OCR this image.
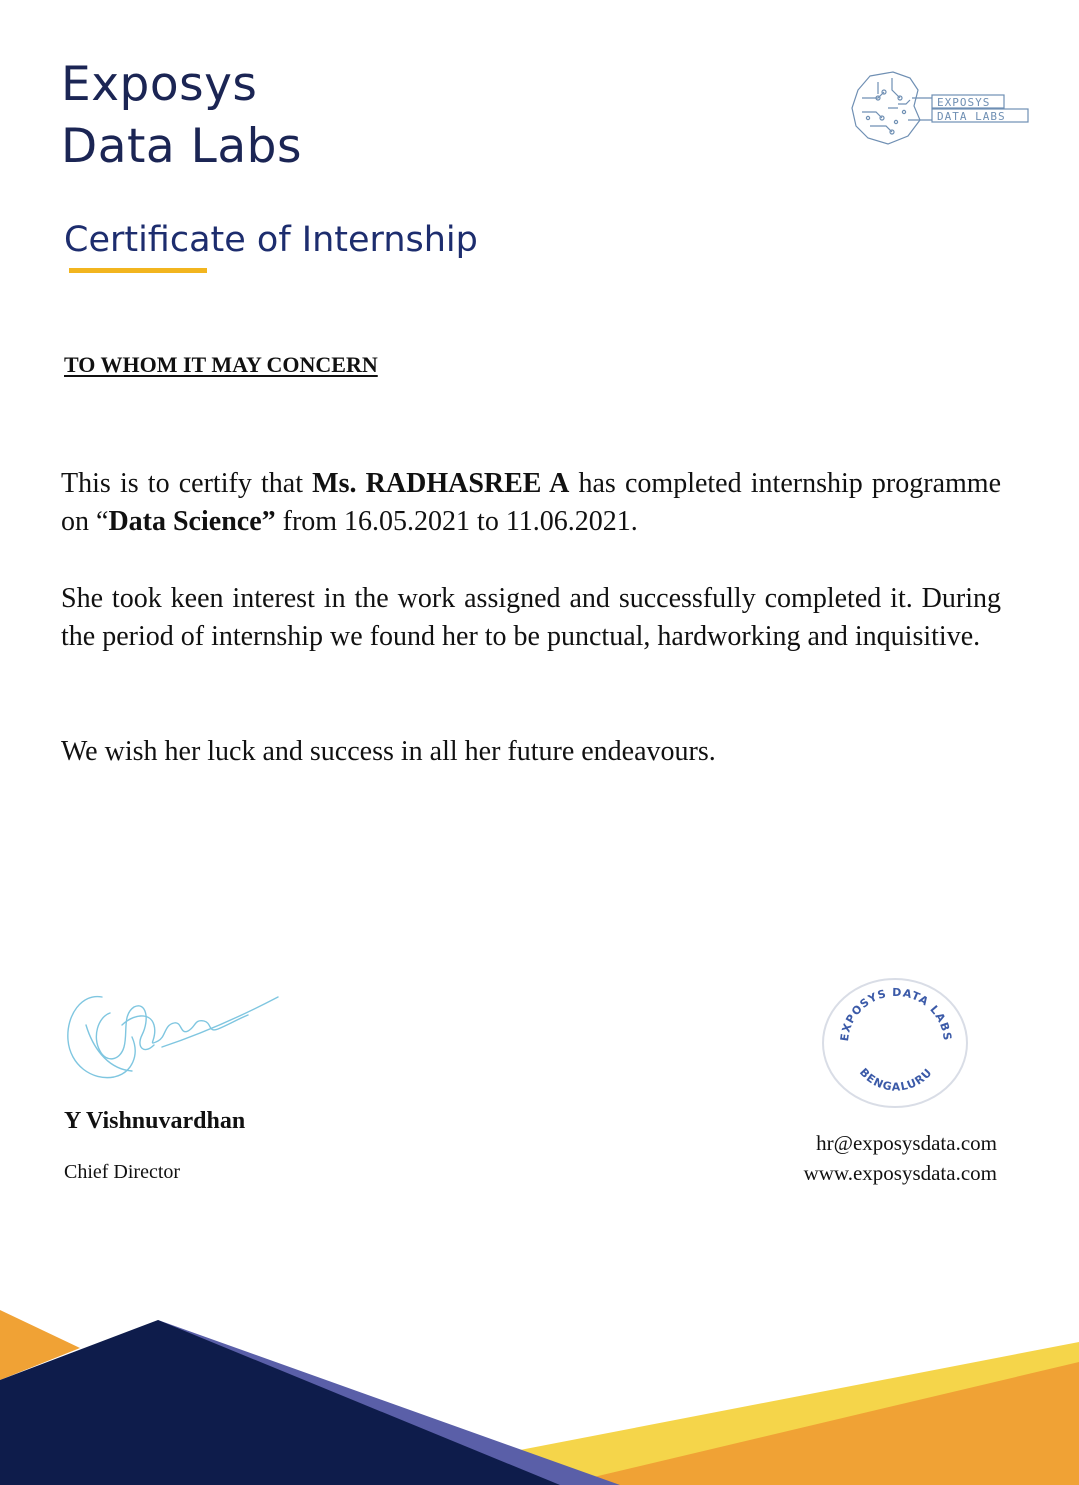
Exposys
Data Labs
EXPOSYS
DATA LABS
Certificate of Internship
TO WHOM IT MAY CONCERN
This is to certify that Ms. RADHASREE A has completed internship programme on “Data Science” from 16.05.2021 to 11.06.2021.
She took keen interest in the work assigned and successfully completed it. During the period of internship we found her to be punctual, hardworking and inquisitive.
We wish her luck and success in all her future endeavours.
Y Vishnuvardhan
Chief Director
EXPOSYS DATA LABS
BENGALURU
hr@exposysdata.com
www.exposysdata.com
